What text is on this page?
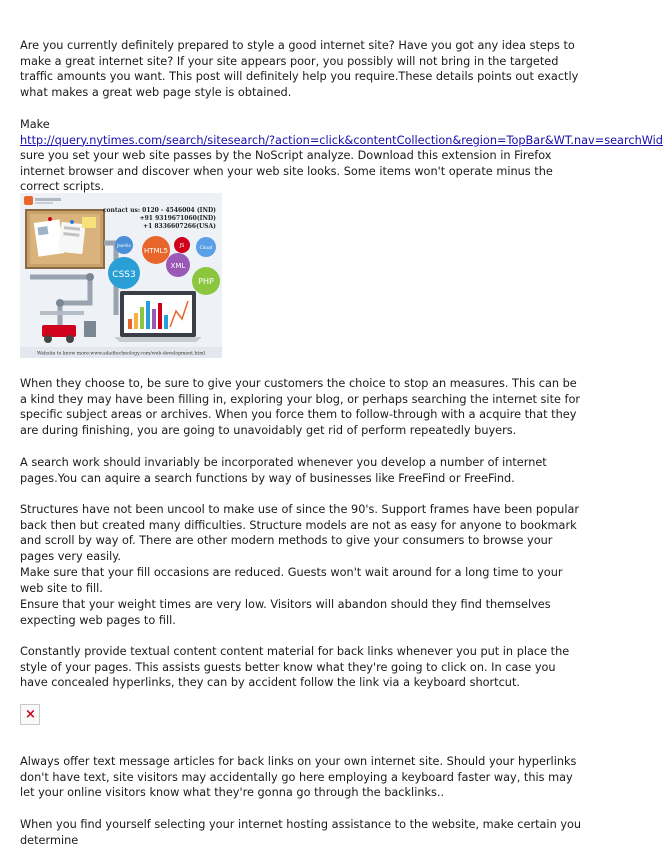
Are you currently definitely prepared to style a good internet site? Have you got any idea steps to make a great internet site? If your site appears poor, you possibly will not bring in the targeted traffic amounts you want. This post will definitely help you require.These details points out exactly what makes a great web page style is obtained.

Make
http://query.nytimes.com/search/sitesearch/?action=click&contentCollection&region=TopBar&WT.nav=searchWid
sure you set your web site passes by the NoScript analyze. Download this extension in Firefox internet browser and discover when your web site looks. Some items won't operate minus the correct scripts.

contact us: 0120 - 4546004 (IND)
+91 9319671060(IND)
+1 8336607266(USA)
Joomla
HTML5
JS	Cloud
CSS3
XML
PHP
Website to know more:www.sdadtechnology.com/web-development.html

When they choose to, be sure to give your customers the choice to stop an measures. This can be a kind they may have been filling in, exploring your blog, or perhaps searching the internet site for specific subject areas or archives. When you force them to follow-through with a acquire that they are during finishing, you are going to unavoidably get rid of perform repeatedly buyers.

A search work should invariably be incorporated whenever you develop a number of internet pages.You can aquire a search functions by way of businesses like FreeFind or FreeFind.

Structures have not been uncool to make use of since the 90's. Support frames have been popular back then but created many difficulties. Structure models are not as easy for anyone to bookmark and scroll by way of. There are other modern methods to give your consumers to browse your pages very easily.

Make sure that your fill occasions are reduced. Guests won't wait around for a long time to your web site to fill.

Ensure that your weight times are very low. Visitors will abandon should they find themselves expecting web pages to fill.

Constantly provide textual content content material for back links whenever you put in place the style of your pages. This assists guests better know what they're going to click on. In case you have concealed hyperlinks, they can by accident follow the link via a keyboard shortcut.

×

Always offer text message articles for back links on your own internet site. Should your hyperlinks don't have text, site visitors may accidentally go here employing a keyboard faster way, this may let your online visitors know what they're gonna go through the backlinks..

When you find yourself selecting your internet hosting assistance to the website, make certain you determine
